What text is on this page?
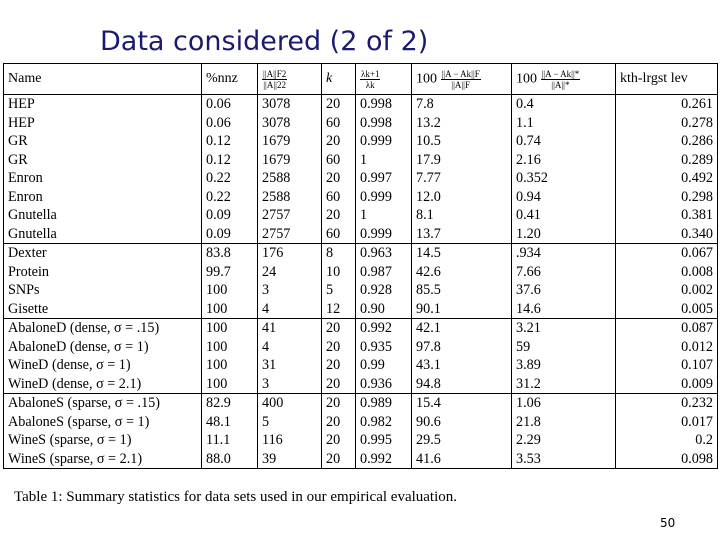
Data considered (2 of 2)
Name	%nnz	$\frac{||A||F2}{||A||22}$	k	$\frac{\lambda k+1}{\lambda k}$	$100 \frac{||A - Ak||F}{||A||F}$	$100 \frac{||A - Ak||*}{||A||*}$	kth-lrgst lev
HEP	0.06	3078	20	0.998	7.8	0.4	0.261
HEP	0.06	3078	60	0.998	13.2	1.1	0.278
GR	0.12	1679	20	0.999	10.5	0.74	0.286
GR	0.12	1679	60	1	17.9	2.16	0.289
Enron	0.22	2588	20	0.997	7.77	0.352	0.492
Enron	0.22	2588	60	0.999	12.0	0.94	0.298
Gnutella	0.09	2757	20	1	8.1	0.41	0.381
Gnutella	0.09	2757	60	0.999	13.7	1.20	0.340
Dexter	83.8	176	8	0.963	14.5	.934	0.067
Protein	99.7	24	10	0.987	42.6	7.66	0.008
SNPs	100	3	5	0.928	85.5	37.6	0.002
Gisette	100	4	12	0.90	90.1	14.6	0.005
AbaloneD (dense, σ = .15)	100	41	20	0.992	42.1	3.21	0.087
AbaloneD (dense, σ = 1)	100	4	20	0.935	97.8	59	0.012
WineD (dense, σ = 1)	100	31	20	0.99	43.1	3.89	0.107
WineD (dense, σ = 2.1)	100	3	20	0.936	94.8	31.2	0.009
AbaloneS (sparse, σ = .15)	82.9	400	20	0.989	15.4	1.06	0.232
AbaloneS (sparse, σ = 1)	48.1	5	20	0.982	90.6	21.8	0.017
WineS (sparse, σ = 1)	11.1	116	20	0.995	29.5	2.29	0.2
WineS (sparse, σ = 2.1)	88.0	39	20	0.992	41.6	3.53	0.098
Table 1: Summary statistics for data sets used in our empirical evaluation.
50
